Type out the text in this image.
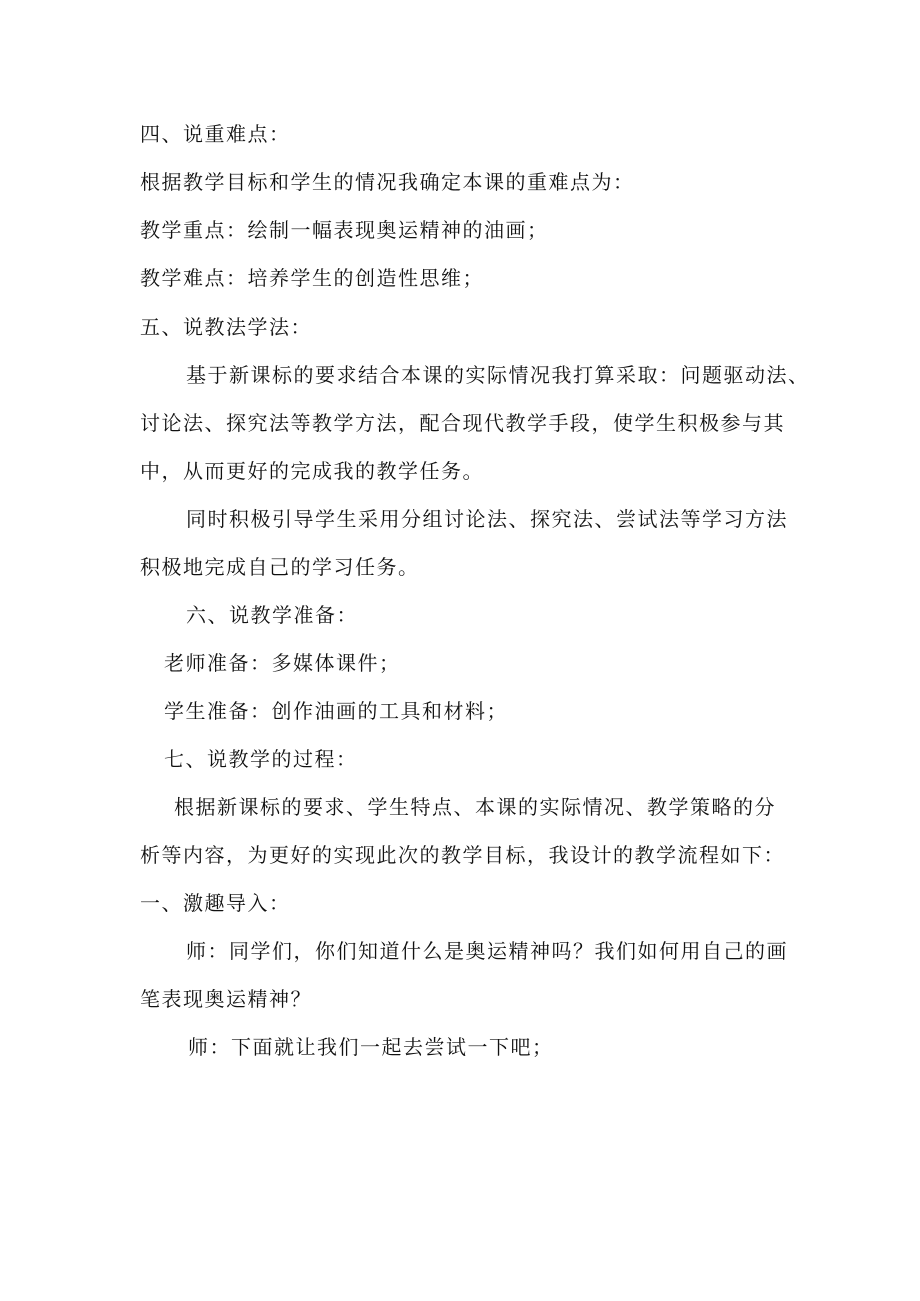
四、说重难点：
根据教学目标和学生的情况我确定本课的重难点为：
教学重点：绘制一幅表现奥运精神的油画；
教学难点：培养学生的创造性思维；
五、说教法学法：
基于新课标的要求结合本课的实际情况我打算采取：问题驱动法、
讨论法、探究法等教学方法，配合现代教学手段，使学生积极参与其
中，从而更好的完成我的教学任务。
同时积极引导学生采用分组讨论法、探究法、尝试法等学习方法
积极地完成自己的学习任务。
六、说教学准备：
老师准备：多媒体课件；
学生准备：创作油画的工具和材料；
七、说教学的过程：
根据新课标的要求、学生特点、本课的实际情况、教学策略的分
析等内容，为更好的实现此次的教学目标，我设计的教学流程如下：
一、激趣导入：
师：同学们，你们知道什么是奥运精神吗？我们如何用自己的画
笔表现奥运精神？
师：下面就让我们一起去尝试一下吧；
